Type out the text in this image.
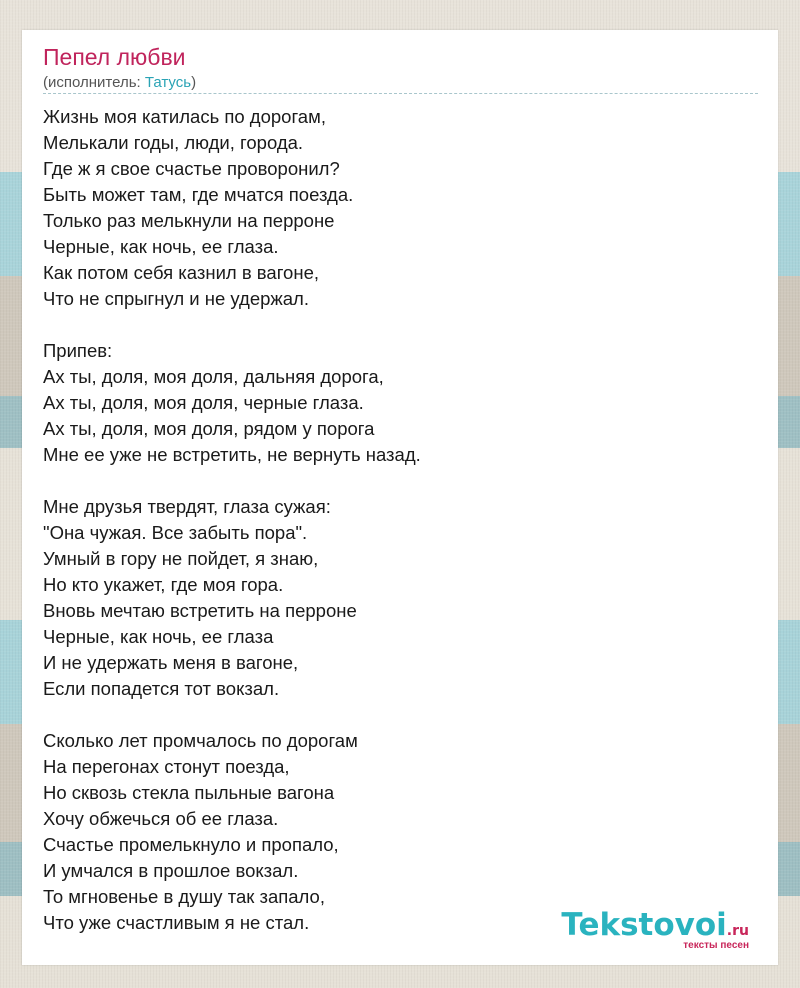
Пепел любви
(исполнитель: Татусь)
Жизнь моя катилась по дорогам,
Мелькали годы, люди, города.
Где ж я свое счастье проворонил?
Быть может там, где мчатся поезда.
Только раз мелькнули на перроне
Черные, как ночь, ее глаза.
Как потом себя казнил в вагоне,
Что не спрыгнул и не удержал.
Припев:
Ах ты, доля, моя доля, дальняя дорога,
Ах ты, доля, моя доля, черные глаза.
Ах ты, доля, моя доля, рядом у порога
Мне ее уже не встретить, не вернуть назад.
Мне друзья твердят, глаза сужая:
"Она чужая. Все забыть пора".
Умный в гору не пойдет, я знаю,
Но кто укажет, где моя гора.
Вновь мечтаю встретить на перроне
Черные, как ночь, ее глаза
И не удержать меня в вагоне,
Если попадется тот вокзал.
Сколько лет промчалось по дорогам
На перегонах стонут поезда,
Но сквозь стекла пыльные вагона
Хочу обжечься об ее глаза.
Счастье промелькнуло и пропало,
И умчался в прошлое вокзал.
То мгновенье в душу так запало,
Что уже счастливым я не стал.	Tekstovoi.ru
тексты песен
